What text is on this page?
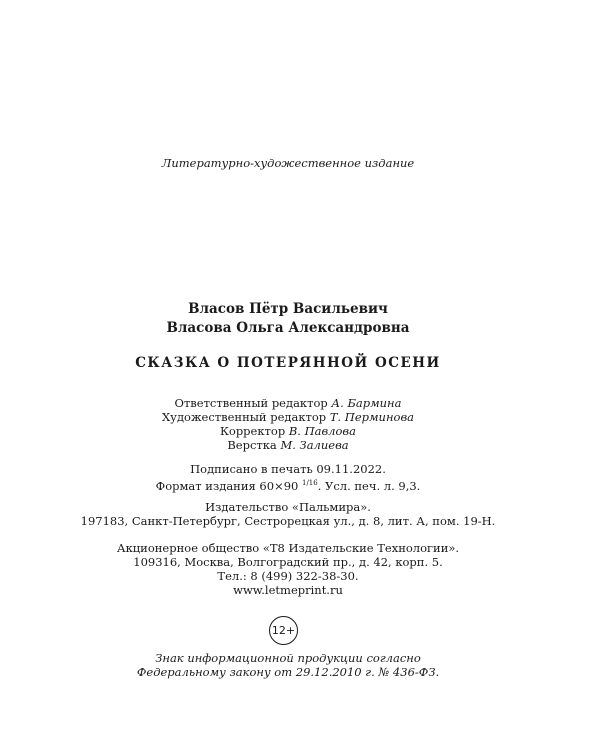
Литературно-художественное издание
Власов Пётр Васильевич
Власова Ольга Александровна
СКАЗКА О ПОТЕРЯННОЙ ОСЕНИ
Ответственный редактор А. Бармина
Художественный редактор Т. Перминова
Корректор В. Павлова
Верстка М. Залиева
Подписано в печать 09.11.2022.
Формат издания 60×90 $^{1/16}$. Усл. печ. л. 9,3.
Издательство «Пальмира».
197183, Санкт-Петербург, Сестрорецкая ул., д. 8, лит. А, пом. 19-Н.
Акционерное общество «Т8 Издательские Технологии».
109316, Москва, Волгоградский пр., д. 42, корп. 5.
Тел.: 8 (499) 322-38-30.
www.letmeprint.ru
12+
Знак информационной продукции согласно
Федеральному закону от 29.12.2010 г. № 436-ФЗ.
